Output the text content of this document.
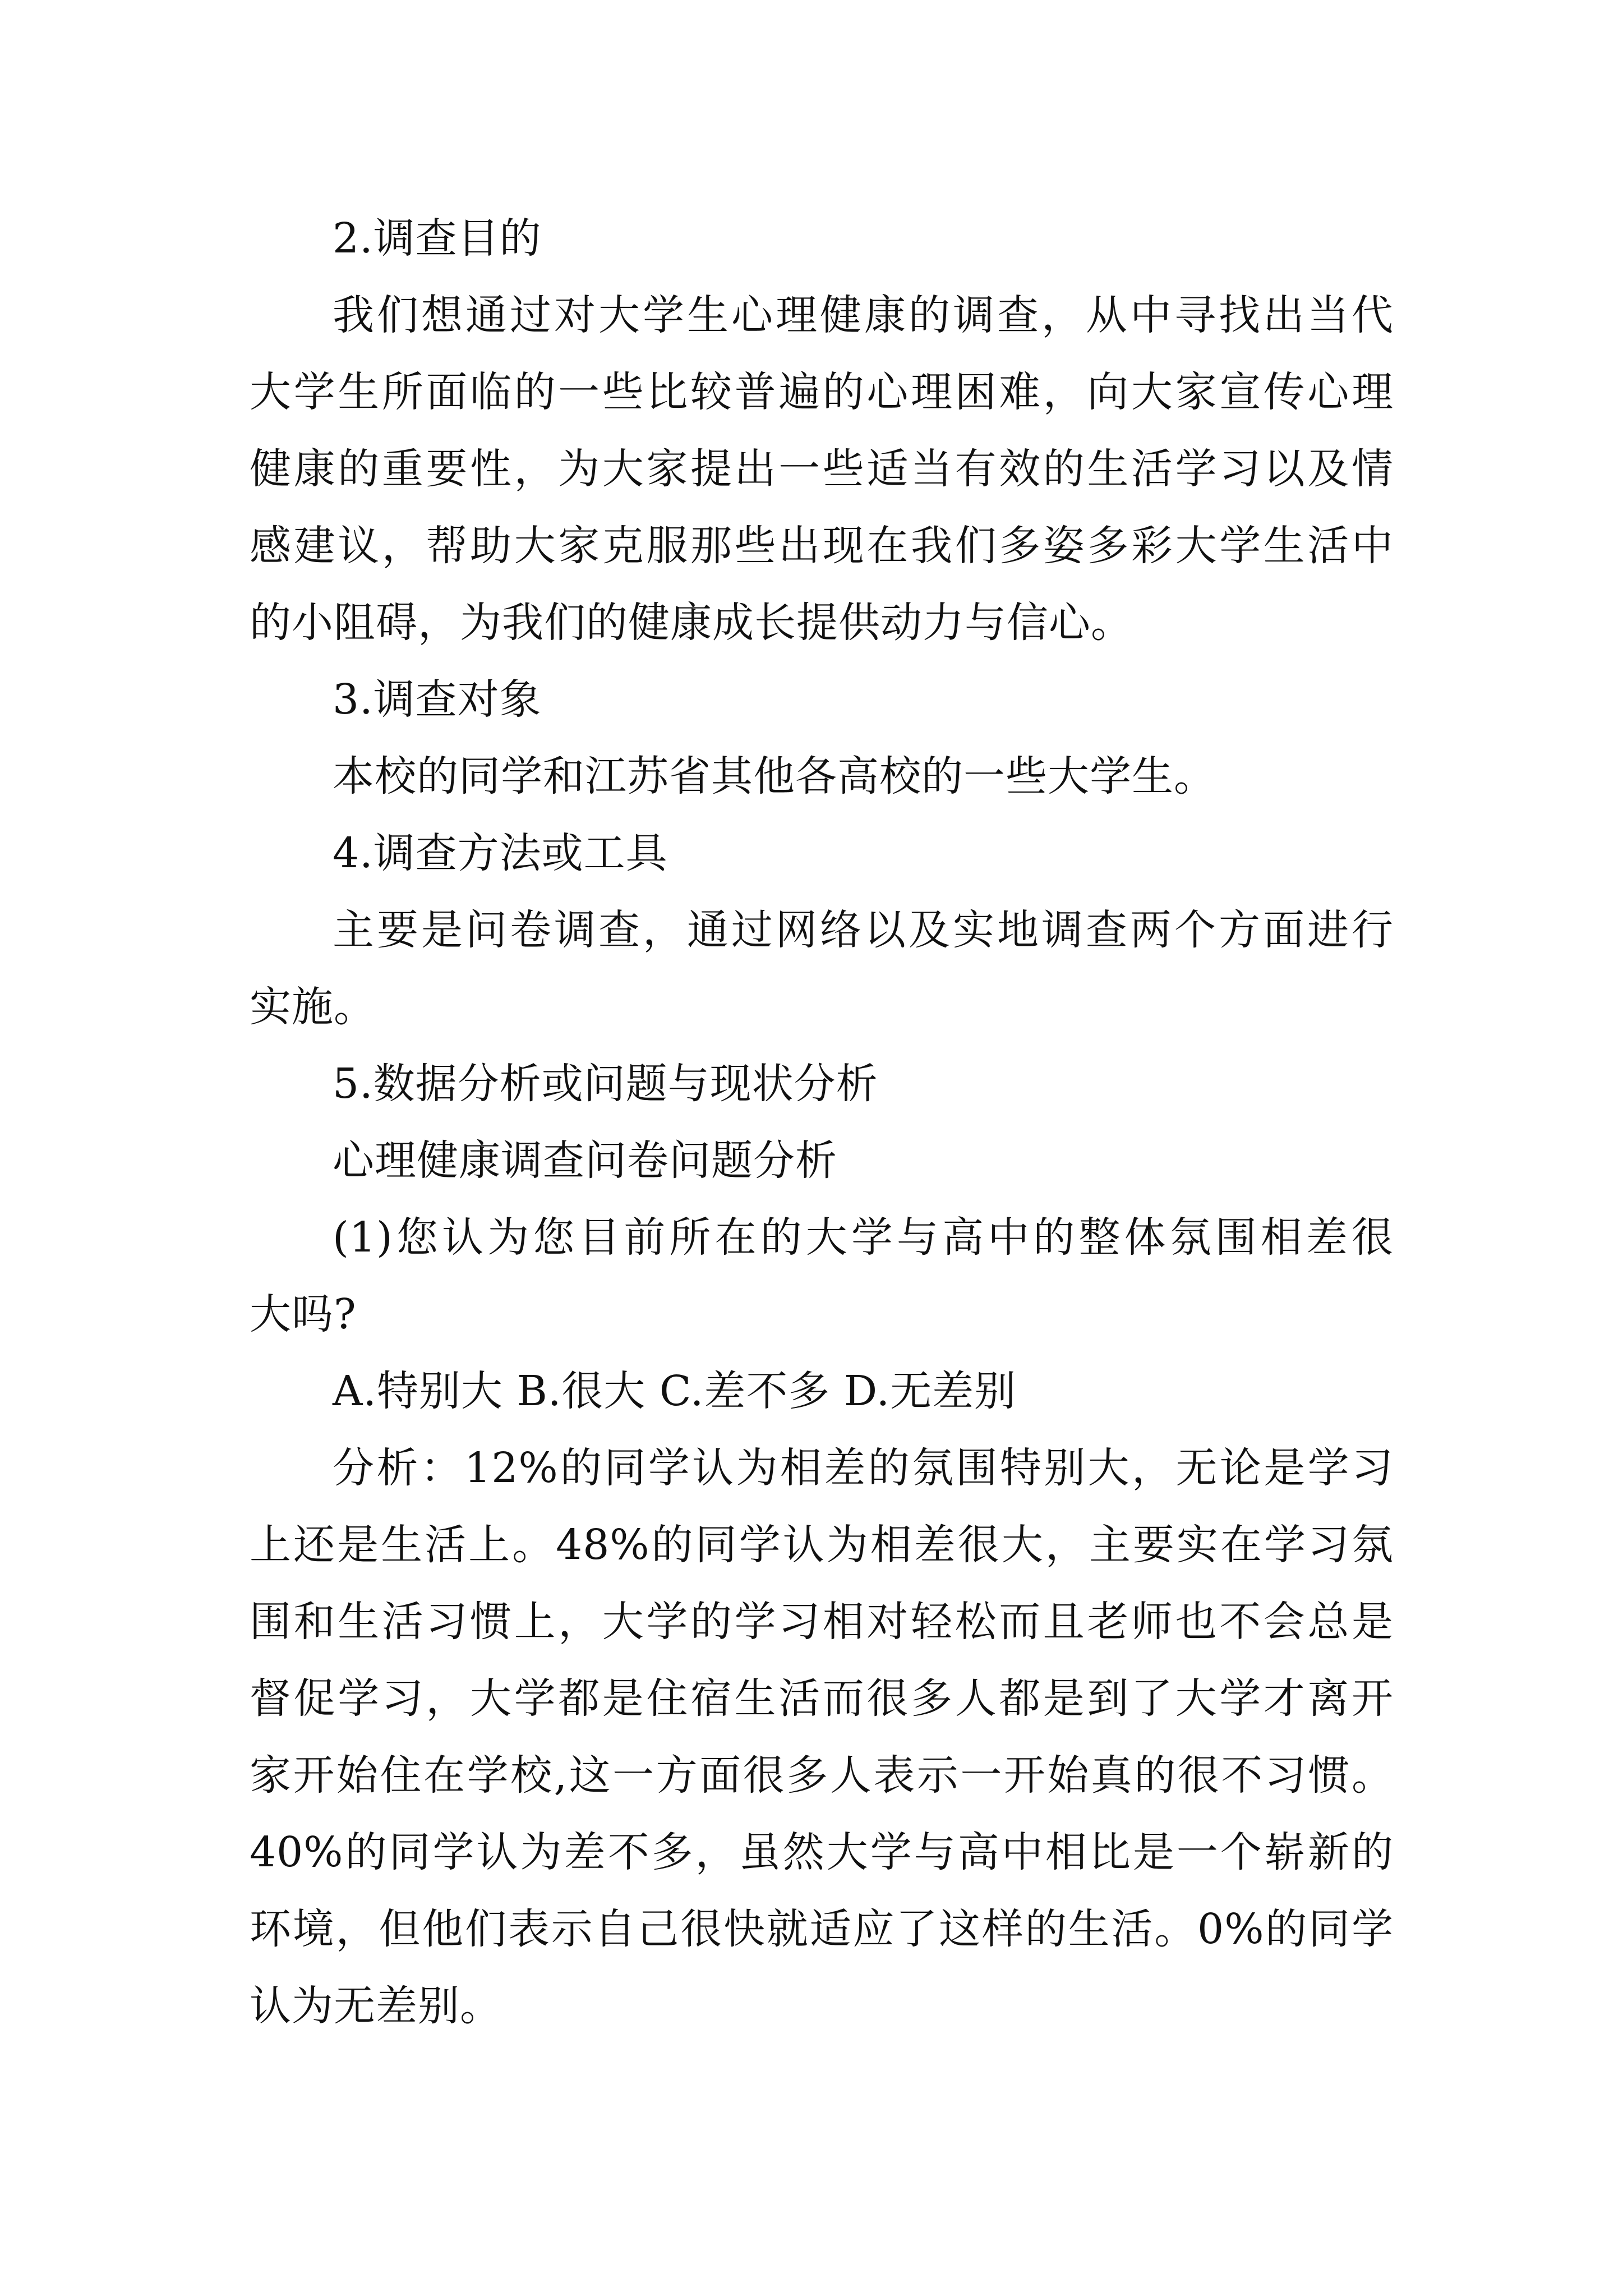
2.调查目的
我们想通过对大学生心理健康的调查，从中寻找出当代
大学生所面临的一些比较普遍的心理困难，向大家宣传心理
健康的重要性，为大家提出一些适当有效的生活学习以及情
感建议，帮助大家克服那些出现在我们多姿多彩大学生活中
的小阻碍，为我们的健康成长提供动力与信心。
3.调查对象
本校的同学和江苏省其他各高校的一些大学生。
4.调查方法或工具
主要是问卷调查，通过网络以及实地调查两个方面进行
实施。
5.数据分析或问题与现状分析
心理健康调查问卷问题分析
(1)您认为您目前所在的大学与高中的整体氛围相差很
大吗?
A.特别大 B.很大 C.差不多 D.无差别
分析：12%的同学认为相差的氛围特别大，无论是学习
上还是生活上。48%的同学认为相差很大，主要实在学习氛
围和生活习惯上，大学的学习相对轻松而且老师也不会总是
督促学习，大学都是住宿生活而很多人都是到了大学才离开
家开始住在学校,这一方面很多人表示一开始真的很不习惯。
40%的同学认为差不多，虽然大学与高中相比是一个崭新的
环境，但他们表示自己很快就适应了这样的生活。0%的同学
认为无差别。
